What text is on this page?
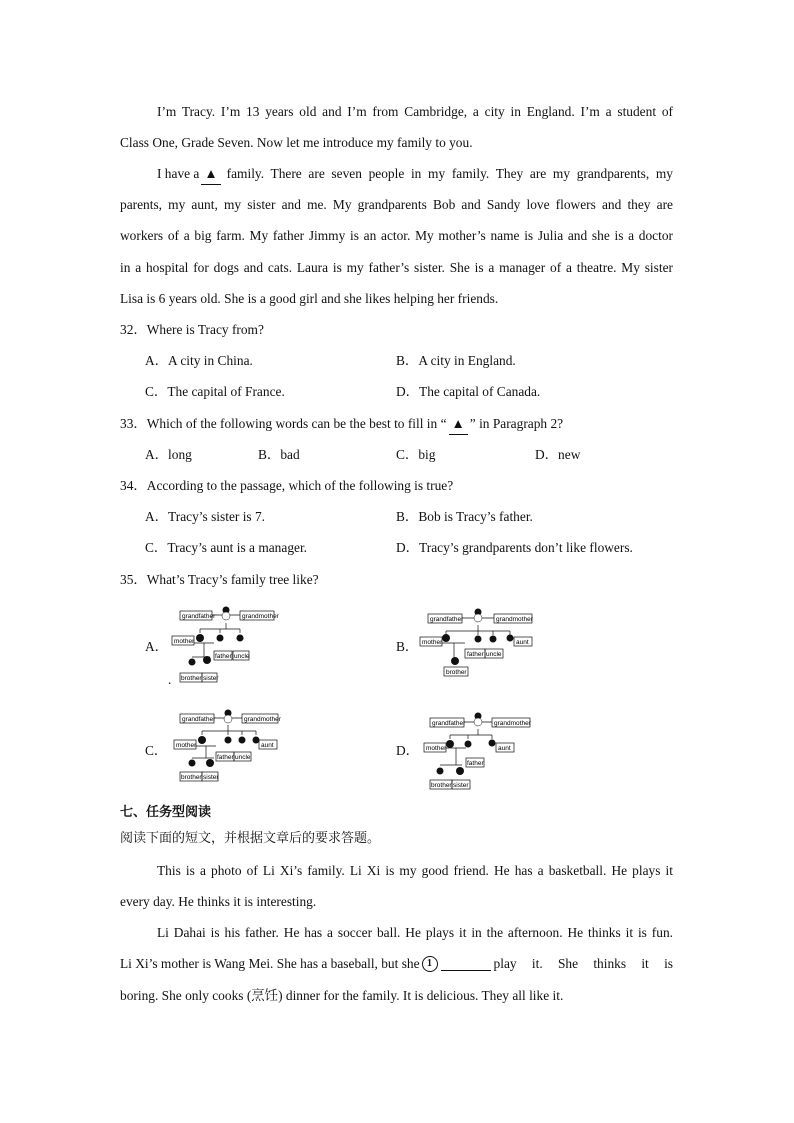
I’m Tracy. I’m 13 years old and I’m from Cambridge, a city in England. I’m a student of
Class One, Grade Seven. Now let me introduce my family to you.
I have a ▲ family. There are seven people in my family. They are my grandparents, my
parents, my aunt, my sister and me. My grandparents Bob and Sandy love flowers and they are
workers of a big farm. My father Jimmy is an actor. My mother’s name is Julia and she is a doctor
in a hospital for dogs and cats. Laura is my father’s sister. She is a manager of a theatre. My sister
Lisa is 6 years old. She is a good girl and she likes helping her friends.
32．Where is Tracy from?
A．A city in China.	B．A city in England.
C．The capital of France.	D．The capital of Canada.
33．Which of the following words can be the best to fill in “ ▲ ” in Paragraph 2?
A．long	B．bad	C．big	D．new
34．According to the passage, which of the following is true?
A．Tracy’s sister is 7.	B．Bob is Tracy’s father.
C．Tracy’s aunt is a manager.	D．Tracy’s grandparents don’t like flowers.
35．What’s Tracy’s family tree like?
A．	B．
C．	D．
.
grandfather	grandmother
mother
father uncle
brother sister
grandfather	grandmother
mother
father uncle
aunt
brother
grandfather	grandmother
mother
father uncle
aunt
brother sister
grandfather	grandmother
mother	aunt
father
brother sister
七、任务型阅读
阅读下面的短文，并根据文章后的要求答题。
This is a photo of Li Xi’s family. Li Xi is my good friend. He has a basketball. He plays it
every day. He thinks it is interesting.
Li Dahai is his father. He has a soccer ball. He plays it in the afternoon. He thinks it is fun.
Li Xi’s mother is Wang Mei. She has a baseball, but she 1	play it. She thinks it is
boring. She only cooks (烹饪) dinner for the family. It is delicious. They all like it.
